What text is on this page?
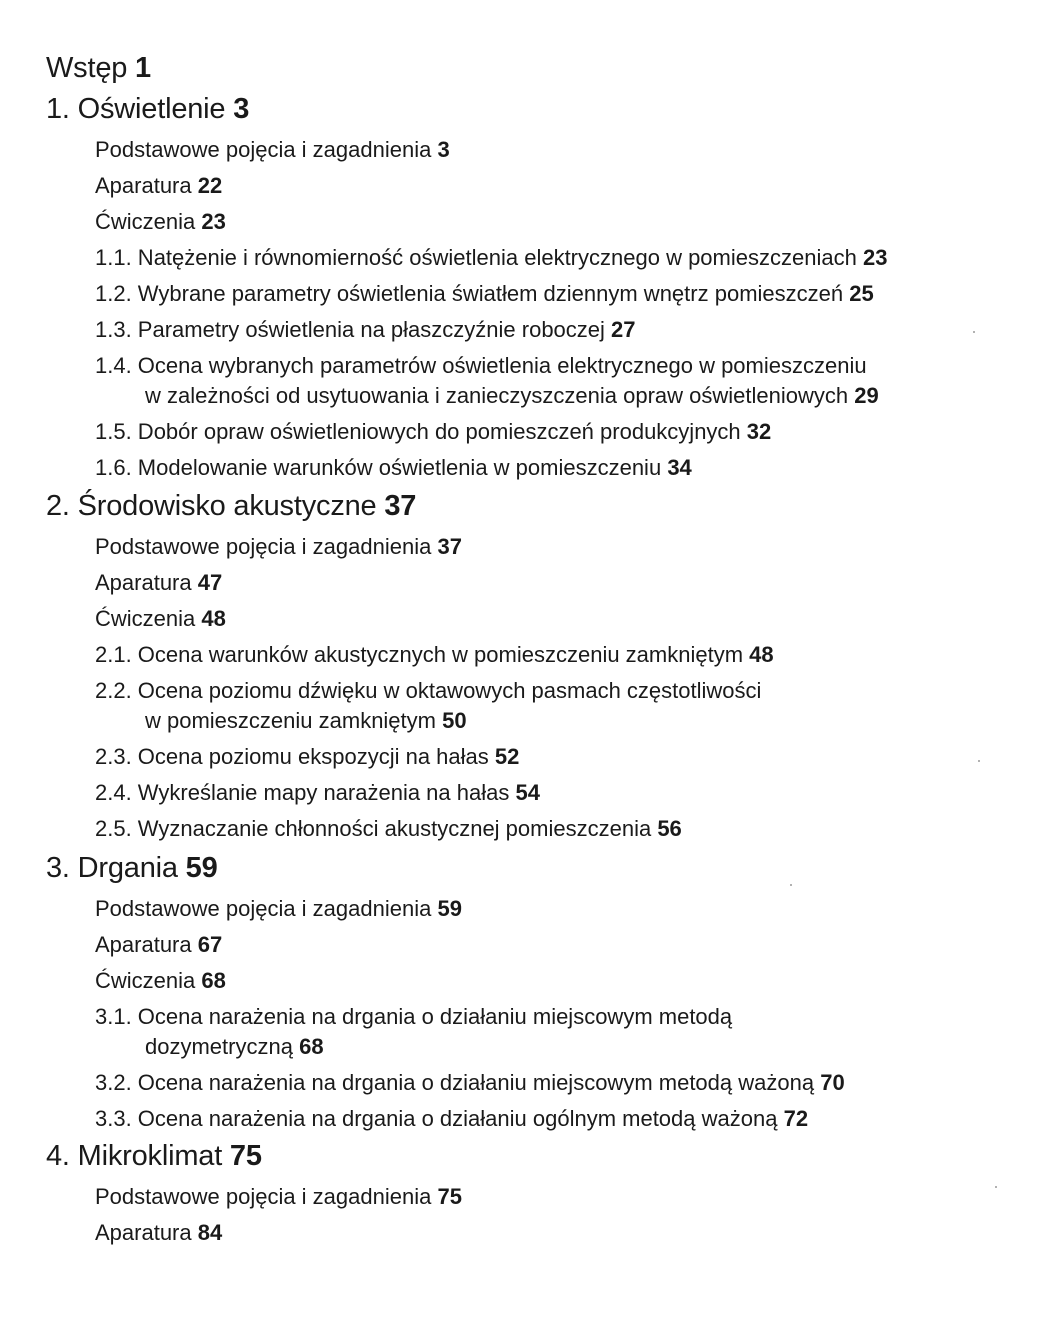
Wstęp 1
1. Oświetlenie 3
Podstawowe pojęcia i zagadnienia 3
Aparatura 22
Ćwiczenia 23
1.1. Natężenie i równomierność oświetlenia elektrycznego w pomieszczeniach 23
1.2. Wybrane parametry oświetlenia światłem dziennym wnętrz pomieszczeń 25
1.3. Parametry oświetlenia na płaszczyźnie roboczej 27
1.4. Ocena wybranych parametrów oświetlenia elektrycznego w pomieszczeniu
w zależności od usytuowania i zanieczyszczenia opraw oświetleniowych 29
1.5. Dobór opraw oświetleniowych do pomieszczeń produkcyjnych 32
1.6. Modelowanie warunków oświetlenia w pomieszczeniu 34
2. Środowisko akustyczne 37
Podstawowe pojęcia i zagadnienia 37
Aparatura 47
Ćwiczenia 48
2.1. Ocena warunków akustycznych w pomieszczeniu zamkniętym 48
2.2. Ocena poziomu dźwięku w oktawowych pasmach częstotliwości
w pomieszczeniu zamkniętym 50
2.3. Ocena poziomu ekspozycji na hałas 52
2.4. Wykreślanie mapy narażenia na hałas 54
2.5. Wyznaczanie chłonności akustycznej pomieszczenia 56
3. Drgania 59
Podstawowe pojęcia i zagadnienia 59
Aparatura 67
Ćwiczenia 68
3.1. Ocena narażenia na drgania o działaniu miejscowym metodą
dozymetryczną 68
3.2. Ocena narażenia na drgania o działaniu miejscowym metodą ważoną 70
3.3. Ocena narażenia na drgania o działaniu ogólnym metodą ważoną 72
4. Mikroklimat 75
Podstawowe pojęcia i zagadnienia 75
Aparatura 84
